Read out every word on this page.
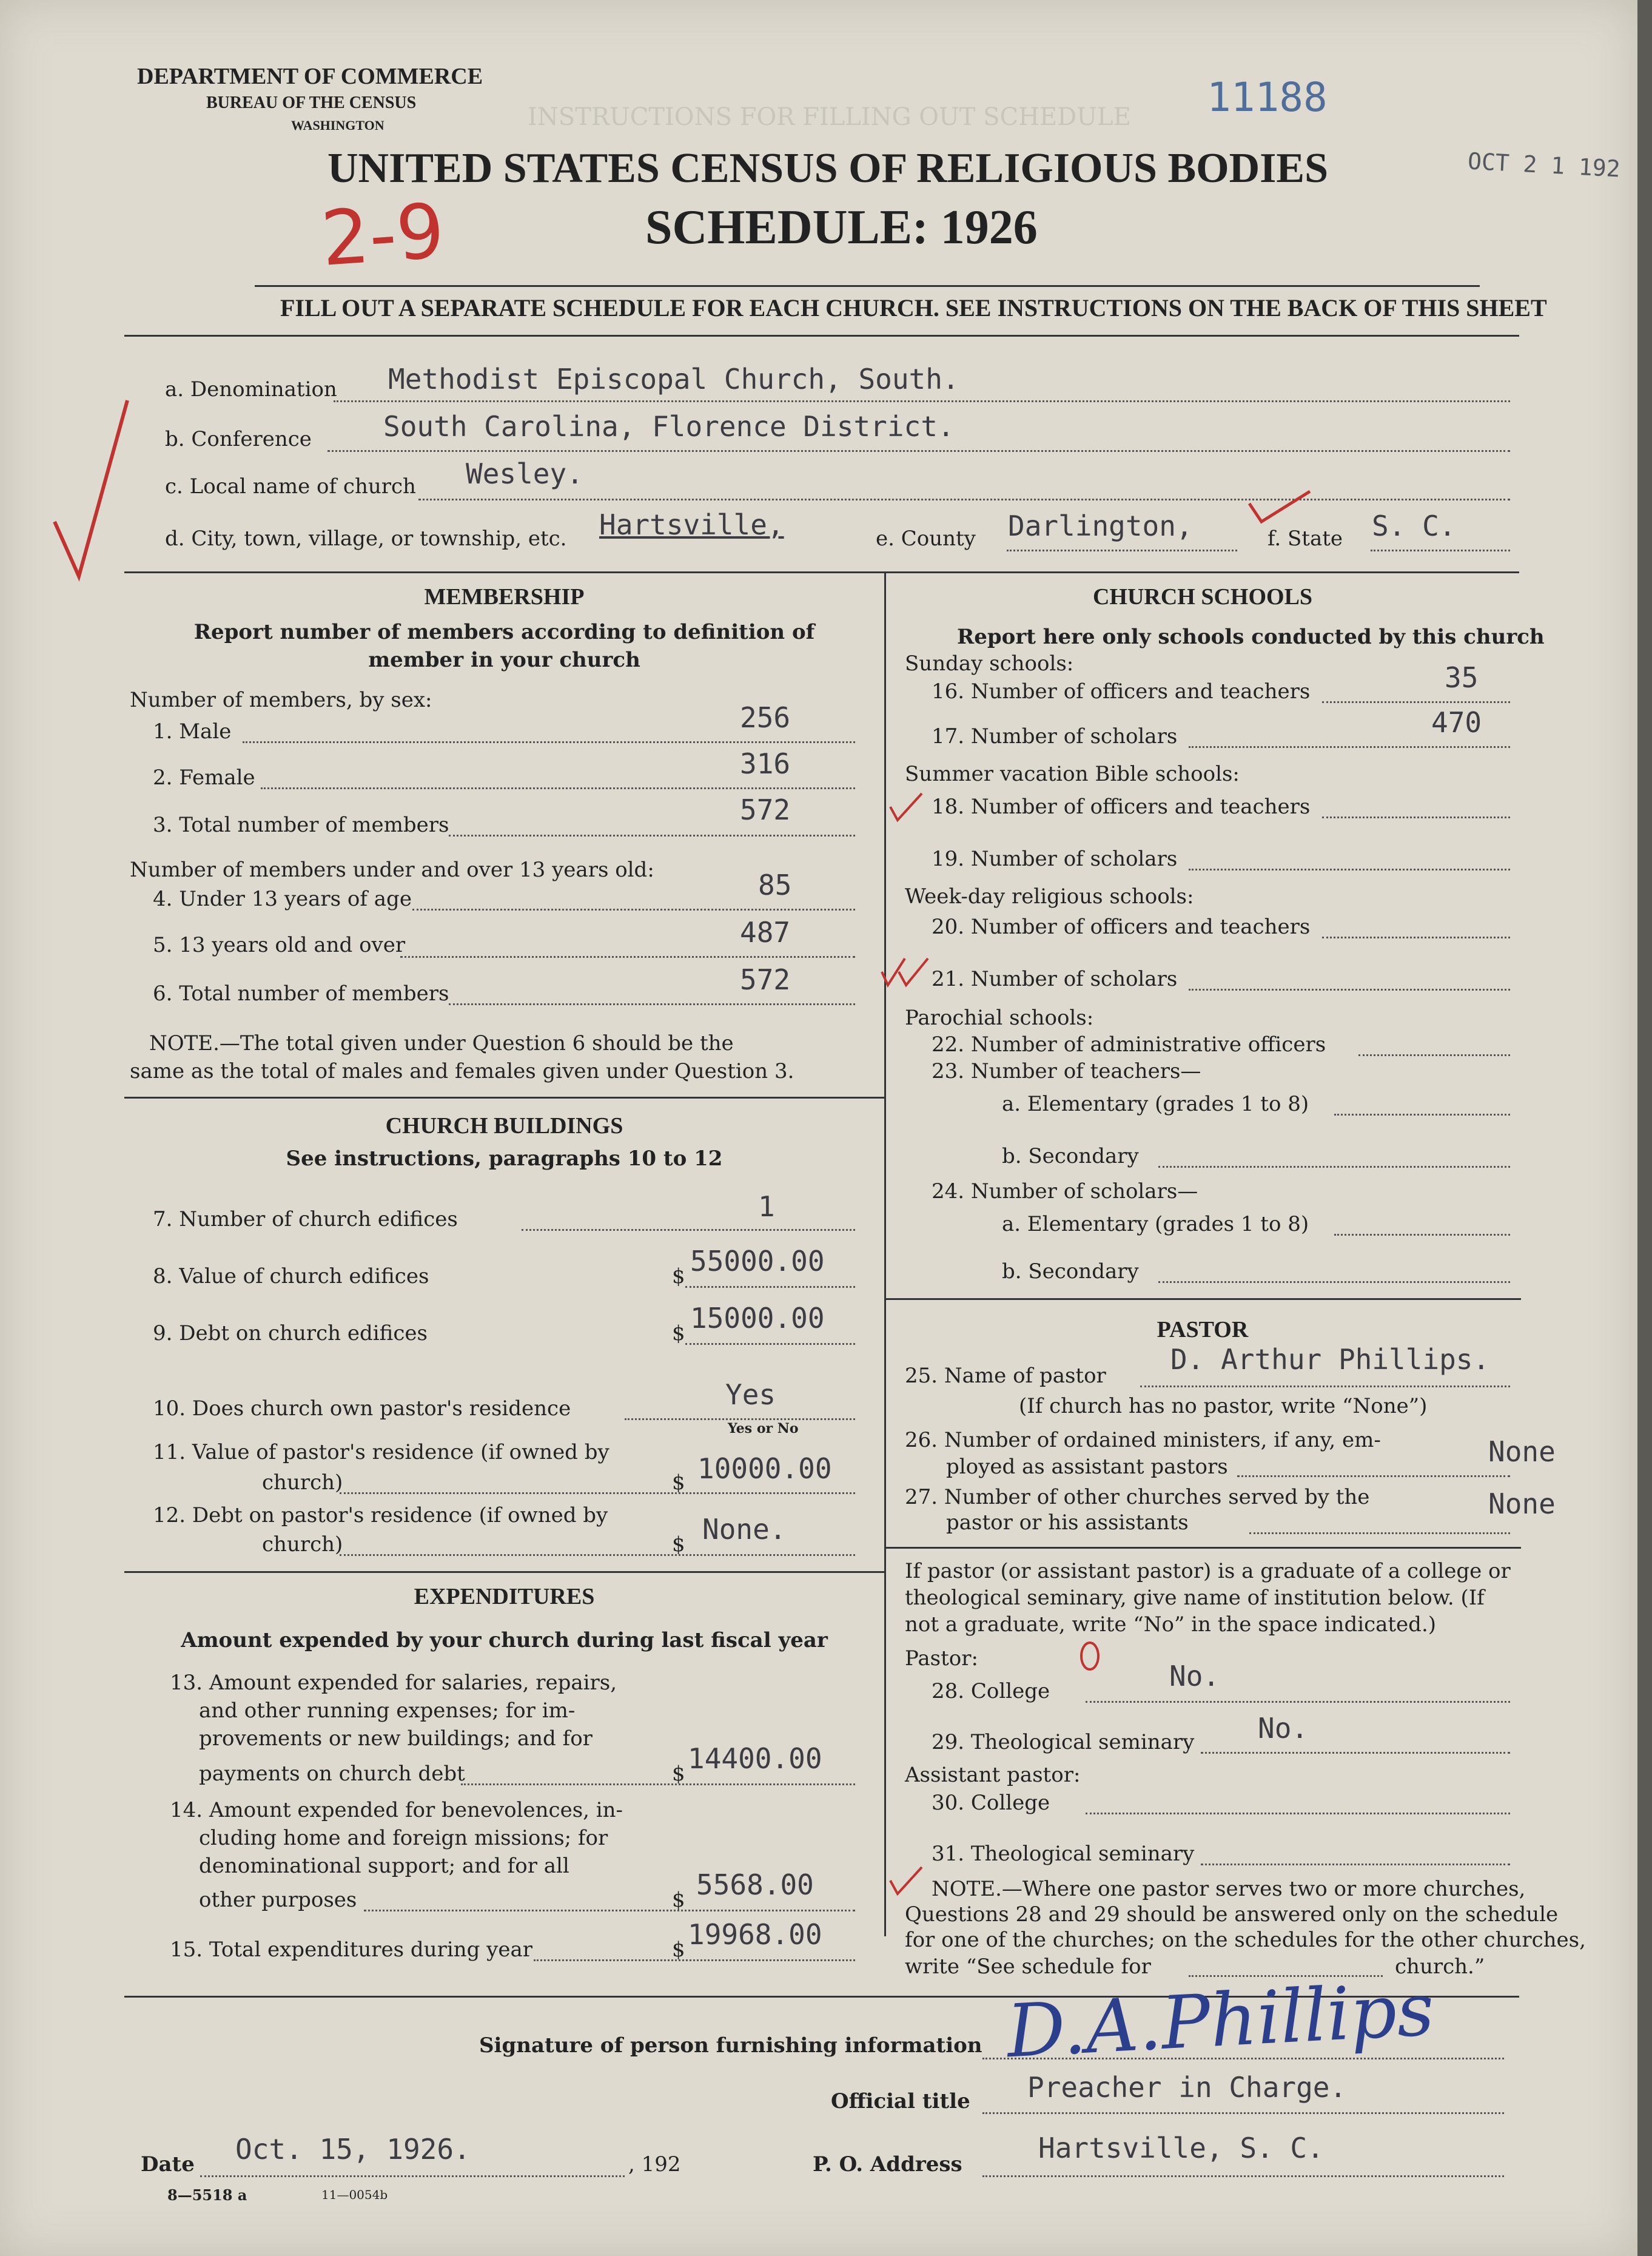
INSTRUCTIONS FOR FILLING OUT SCHEDULE
DEPARTMENT OF COMMERCE
BUREAU OF THE CENSUS
WASHINGTON
11188
OCT 2 1 192
UNITED STATES CENSUS OF RELIGIOUS BODIES
SCHEDULE: 1926
2-9
FILL OUT A SEPARATE SCHEDULE FOR EACH CHURCH. SEE INSTRUCTIONS ON THE BACK OF THIS SHEET
a. Denomination Methodist Episcopal Church, South.
b. Conference	South Carolina, Florence District.
c. Local name of church Wesley.
d. City, town, village, or township, etc. Hartsville,	e. County Darlington,	f. State S. C.
MEMBERSHIP
Report number of members according to definition of
member in your church
Number of members, by sex:
1. Male	256
2. Female	316
3. Total number of members	572
Number of members under and over 13 years old:
4. Under 13 years of age	85
5. 13 years old and over	487
6. Total number of members	572
NOTE.—The total given under Question 6 should be the
same as the total of males and females given under Question 3.
CHURCH BUILDINGS
See instructions, paragraphs 10 to 12
7. Number of church edifices	1
8. Value of church edifices	$ 55000.00
9. Debt on church edifices	$ 15000.00
10. Does church own pastor's residence	Yes
Yes or No
11. Value of pastor's residence (if owned by
church)	$ 10000.00
12. Debt on pastor's residence (if owned by
church)	$ None.
EXPENDITURES
Amount expended by your church during last fiscal year
13. Amount expended for salaries, repairs,
and other running expenses; for im-
provements or new buildings; and for
payments on church debt	$ 14400.00
14. Amount expended for benevolences, in-
cluding home and foreign missions; for
denominational support; and for all
other purposes	$ 5568.00
15. Total expenditures during year	$ 19968.00
CHURCH SCHOOLS
Report here only schools conducted by this church
Sunday schools:
16. Number of officers and teachers	35
17. Number of scholars	470
Summer vacation Bible schools:
18. Number of officers and teachers
19. Number of scholars
Week-day religious schools:
20. Number of officers and teachers
21. Number of scholars
Parochial schools:
22. Number of administrative officers
23. Number of teachers—
a. Elementary (grades 1 to 8)
b. Secondary
24. Number of scholars—
a. Elementary (grades 1 to 8)
b. Secondary
PASTOR
25. Name of pastor D. Arthur Phillips.
(If church has no pastor, write “None”)
26. Number of ordained ministers, if any, em-
ployed as assistant pastors	None
27. Number of other churches served by the
pastor or his assistants
None
If pastor (or assistant pastor) is a graduate of a college or
theological seminary, give name of institution below. (If
not a graduate, write “No” in the space indicated.)
Pastor:
28. College	No.
29. Theological seminary No.
Assistant pastor:
30. College
31. Theological seminary
NOTE.—Where one pastor serves two or more churches,
Questions 28 and 29 should be answered only on the schedule
for one of the churches; on the schedules for the other churches,
write “See schedule for	church.”
Signature of person furnishing information D.A.Phillips
Official title Preacher in Charge.
Date Oct. 15, 1926.	, 192	P. O. Address	Hartsville, S. C.
8—5518 a	11—0054b
